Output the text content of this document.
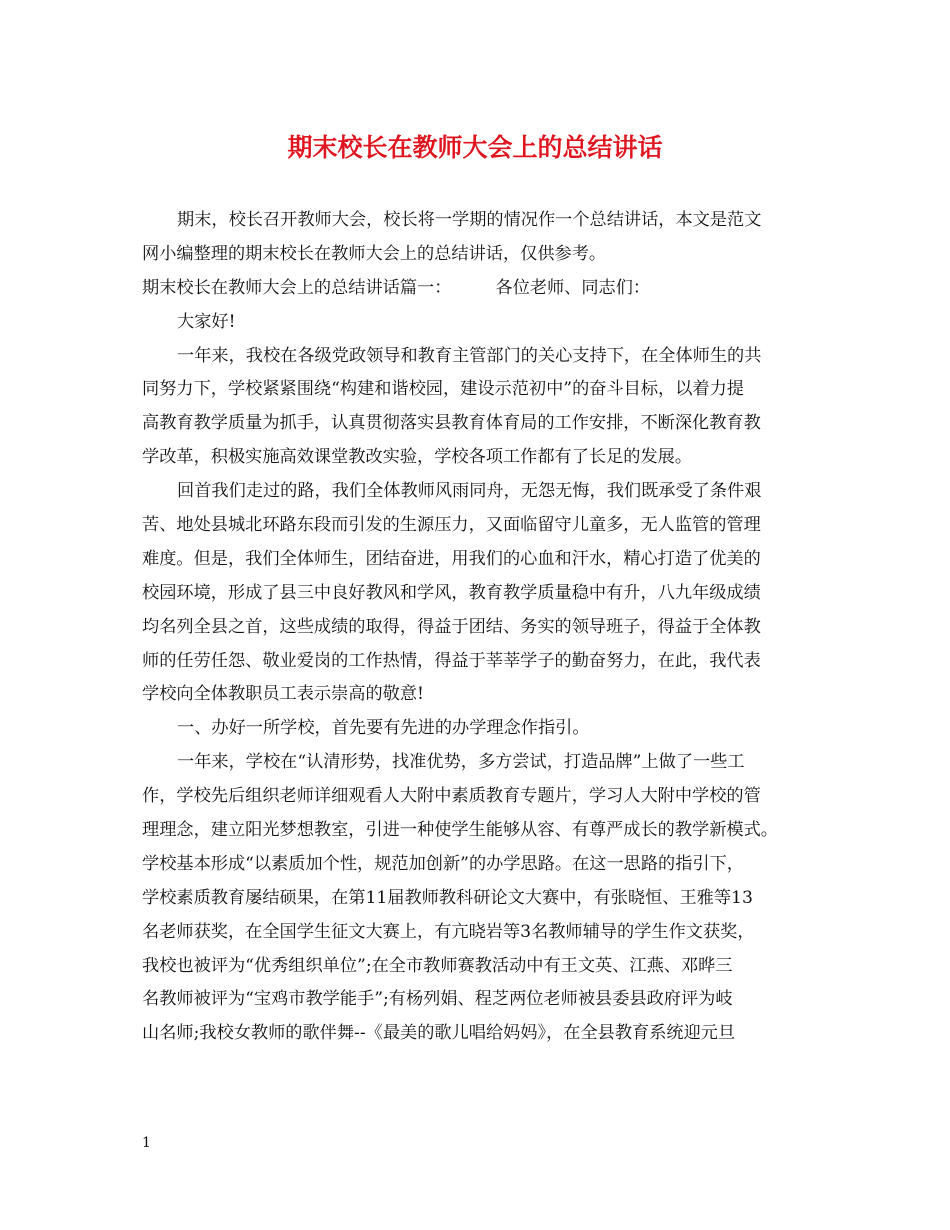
期末校长在教师大会上的总结讲话
期末，校长召开教师大会，校长将一学期的情况作一个总结讲话，本文是范文
网小编整理的期末校长在教师大会上的总结讲话，仅供参考。
期末校长在教师大会上的总结讲话篇一：	各位老师、同志们：
大家好!
一年来，我校在各级党政领导和教育主管部门的关心支持下，在全体师生的共
同努力下，学校紧紧围绕“构建和谐校园，建设示范初中”的奋斗目标，以着力提
高教育教学质量为抓手，认真贯彻落实县教育体育局的工作安排，不断深化教育教
学改革，积极实施高效课堂教改实验，学校各项工作都有了长足的发展。
回首我们走过的路，我们全体教师风雨同舟，无怨无悔，我们既承受了条件艰
苦、地处县城北环路东段而引发的生源压力，又面临留守儿童多，无人监管的管理
难度。但是，我们全体师生，团结奋进，用我们的心血和汗水，精心打造了优美的
校园环境，形成了县三中良好教风和学风，教育教学质量稳中有升，八九年级成绩
均名列全县之首，这些成绩的取得，得益于团结、务实的领导班子，得益于全体教
师的任劳任怨、敬业爱岗的工作热情，得益于莘莘学子的勤奋努力，在此，我代表
学校向全体教职员工表示崇高的敬意!
一、办好一所学校，首先要有先进的办学理念作指引。
一年来，学校在“认清形势，找准优势，多方尝试，打造品牌”上做了一些工
作，学校先后组织老师详细观看人大附中素质教育专题片，学习人大附中学校的管
理理念，建立阳光梦想教室，引进一种使学生能够从容、有尊严成长的教学新模式。
学校基本形成“以素质加个性，规范加创新”的办学思路。在这一思路的指引下，
学校素质教育屡结硕果，在第11届教师教科研论文大赛中，有张晓恒、王雅等13
名老师获奖，在全国学生征文大赛上，有亢晓岩等3名教师辅导的学生作文获奖，
我校也被评为“优秀组织单位”;在全市教师赛教活动中有王文英、江燕、邓晔三
名教师被评为“宝鸡市教学能手”;有杨列娟、程芝两位老师被县委县政府评为岐
山名师;我校女教师的歌伴舞--《最美的歌儿唱给妈妈》，在全县教育系统迎元旦
1
